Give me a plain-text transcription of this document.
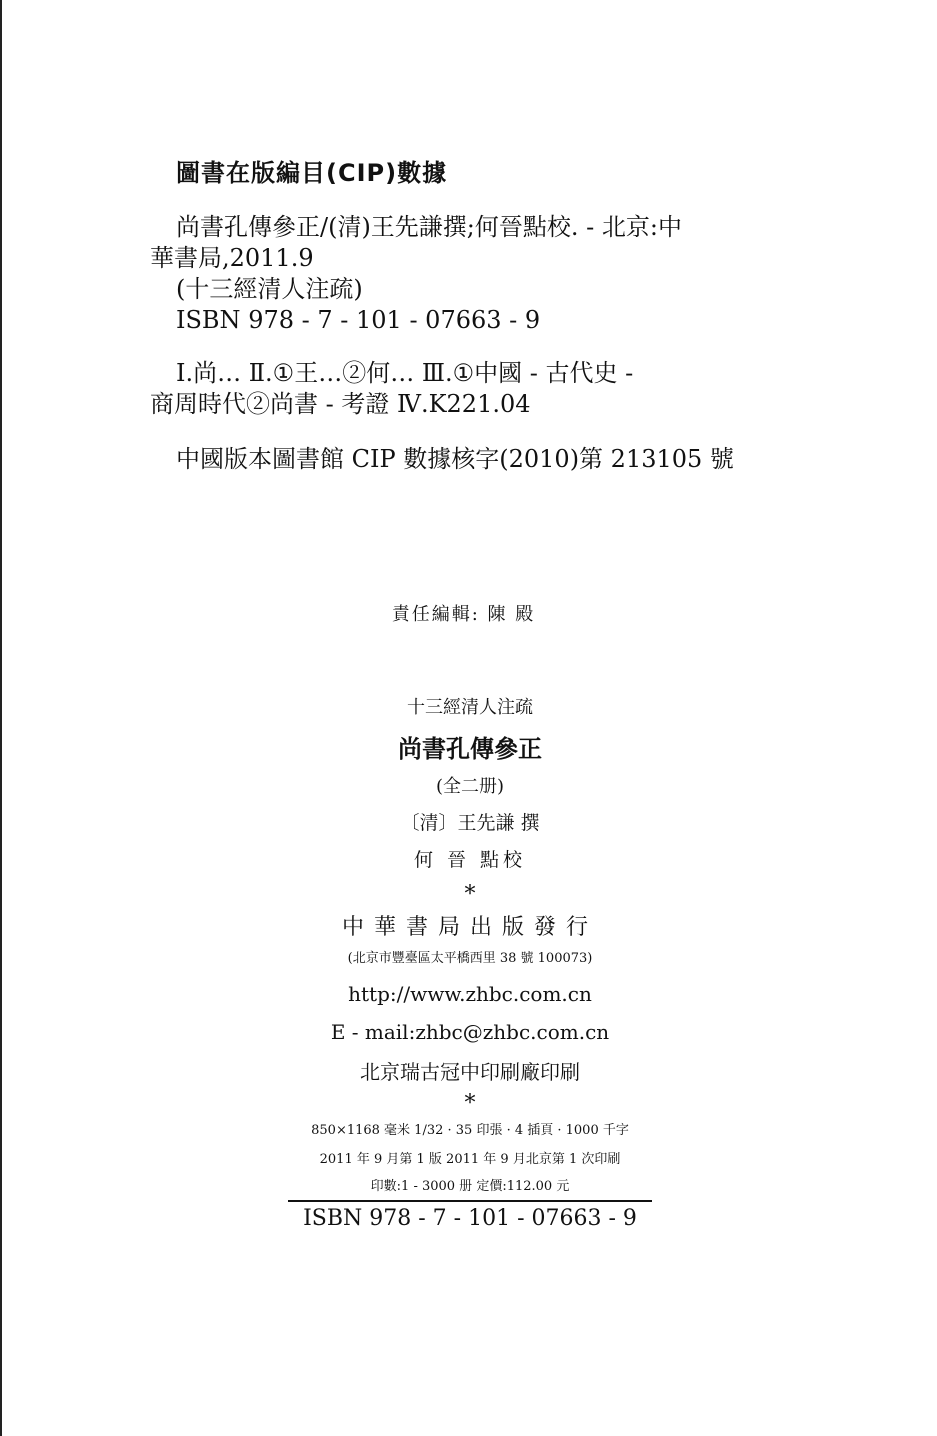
圖書在版編目(CIP)數據
尚書孔傳參正/(清)王先謙撰;何晉點校. - 北京:中
華書局,2011.9
(十三經清人注疏)
ISBN 978 - 7 - 101 - 07663 - 9
Ⅰ.尚… Ⅱ.①王…②何… Ⅲ.①中國 - 古代史 -
商周時代②尚書 - 考證 Ⅳ.K221.04
中國版本圖書館 CIP 數據核字(2010)第 213105 號
責任編輯: 陳 殿
十三經清人注疏
尚書孔傳參正
(全二册)
〔清〕王先謙 撰
何 晉 點校
*
中華書局出版發行
(北京市豐臺區太平橋西里 38 號 100073)
http://www.zhbc.com.cn
E - mail:zhbc@zhbc.com.cn
北京瑞古冠中印刷廠印刷
*
850×1168 毫米 1/32 · 35 印張 · 4 插頁 · 1000 千字
2011 年 9 月第 1 版 2011 年 9 月北京第 1 次印刷
印數:1 - 3000 册 定價:112.00 元
ISBN 978 - 7 - 101 - 07663 - 9
